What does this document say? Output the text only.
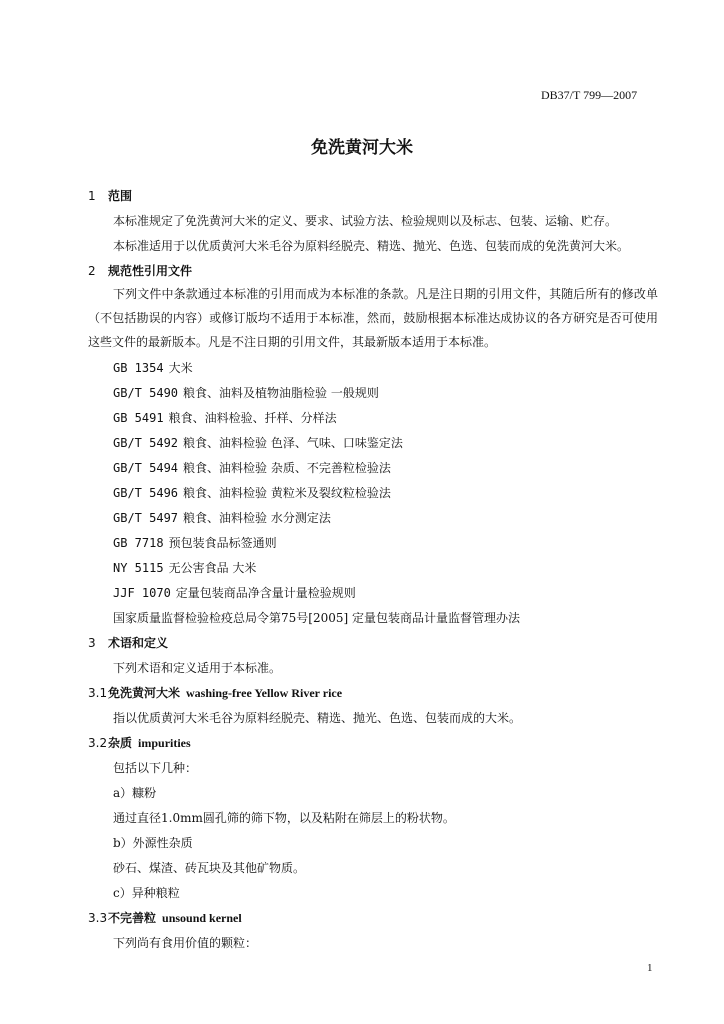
DB37/T 799—2007
免洗黄河大米
1 范围
本标准规定了免洗黄河大米的定义、要求、试验方法、检验规则以及标志、包装、运输、贮存。
本标准适用于以优质黄河大米毛谷为原料经脱壳、精选、抛光、色选、包装而成的免洗黄河大米。
2 规范性引用文件
下列文件中条款通过本标准的引用而成为本标准的条款。凡是注日期的引用文件，其随后所有的修改单（不包括勘误的内容）或修订版均不适用于本标准，然而，鼓励根据本标准达成协议的各方研究是否可使用这些文件的最新版本。凡是不注日期的引用文件，其最新版本适用于本标准。
GB 1354 大米
GB/T 5490 粮食、油料及植物油脂检验 一般规则
GB 5491 粮食、油料检验、扦样、分样法
GB/T 5492 粮食、油料检验 色泽、气味、口味鉴定法
GB/T 5494 粮食、油料检验 杂质、不完善粒检验法
GB/T 5496 粮食、油料检验 黄粒米及裂纹粒检验法
GB/T 5497 粮食、油料检验 水分测定法
GB 7718 预包装食品标签通则
NY 5115 无公害食品 大米
JJF 1070 定量包装商品净含量计量检验规则
国家质量监督检验检疫总局令第75号[2005] 定量包装商品计量监督管理办法
3 术语和定义
下列术语和定义适用于本标准。
3.1免洗黄河大米 washing-free Yellow River rice
指以优质黄河大米毛谷为原料经脱壳、精选、抛光、色选、包装而成的大米。
3.2杂质 impurities
包括以下几种：
a）糠粉
通过直径1.0mm圆孔筛的筛下物，以及粘附在筛层上的粉状物。
b）外源性杂质
砂石、煤渣、砖瓦块及其他矿物质。
c）异种粮粒
3.3不完善粒 unsound kernel
下列尚有食用价值的颗粒：
1
